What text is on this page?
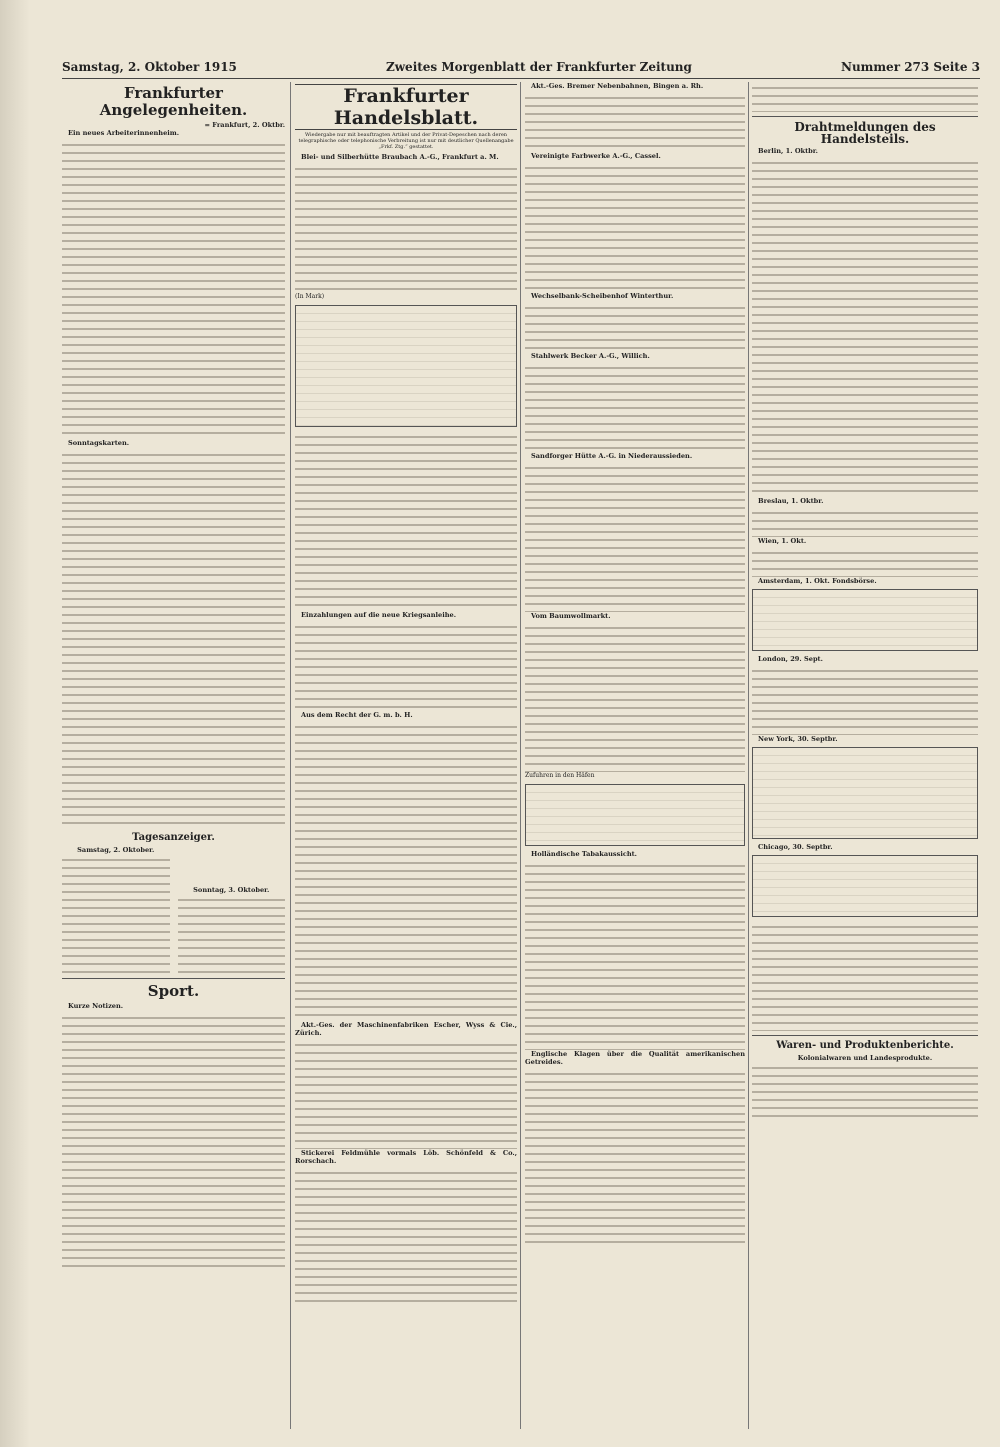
Samstag, 2. Oktober 1915	Zweites Morgenblatt der Frankfurter Zeitung	Nummer 273 Seite 3
Frankfurter Angelegenheiten.
= Frankfurt, 2. Oktbr.
Ein neues Arbeiterinnenheim.
Sonntagskarten.
Tagesanzeiger.
Samstag, 2. Oktober.
Sonntag, 3. Oktober.
Sport.
Kurze Notizen.
Frankfurter Handelsblatt.
Wiedergabe nur mit beauftragten Artikel und der Privat-Depeschen nach deren telegraphische oder telephonische Verbreitung ist nur mit deutlicher Quellenangabe „Frkf. Ztg.“ gestattet.
Blei- und Silberhütte Braubach A.-G., Frankfurt a. M.
(In Mark)
Einzahlungen auf die neue Kriegsanleihe.
Aus dem Recht der G. m. b. H.
Akt.-Ges. der Maschinenfabriken Escher, Wyss & Cie., Zürich.
Stickerei Feldmühle vormals Löb. Schönfeld & Co., Rorschach.
Akt.-Ges. Bremer Nebenbahnen, Bingen a. Rh.
Vereinigte Farbwerke A.-G., Cassel.
Wechselbank-Scheibenhof Winterthur.
Stahlwerk Becker A.-G., Willich.
Sandforger Hütte A.-G. in Niederaussieden.
Vom Baumwollmarkt.
Zufuhren in den Häfen
Holländische Tabakaussicht.
Englische Klagen über die Qualität amerikanischen Getreides.
Drahtmeldungen des Handelsteils.
Berlin, 1. Oktbr.
Breslau, 1. Oktbr.
Wien, 1. Okt.
Amsterdam, 1. Okt. Fondsbörse.
London, 29. Sept.
New York, 30. Septbr.
Chicago, 30. Septbr.
Waren- und Produktenberichte.
Kolonialwaren und Landesprodukte.
